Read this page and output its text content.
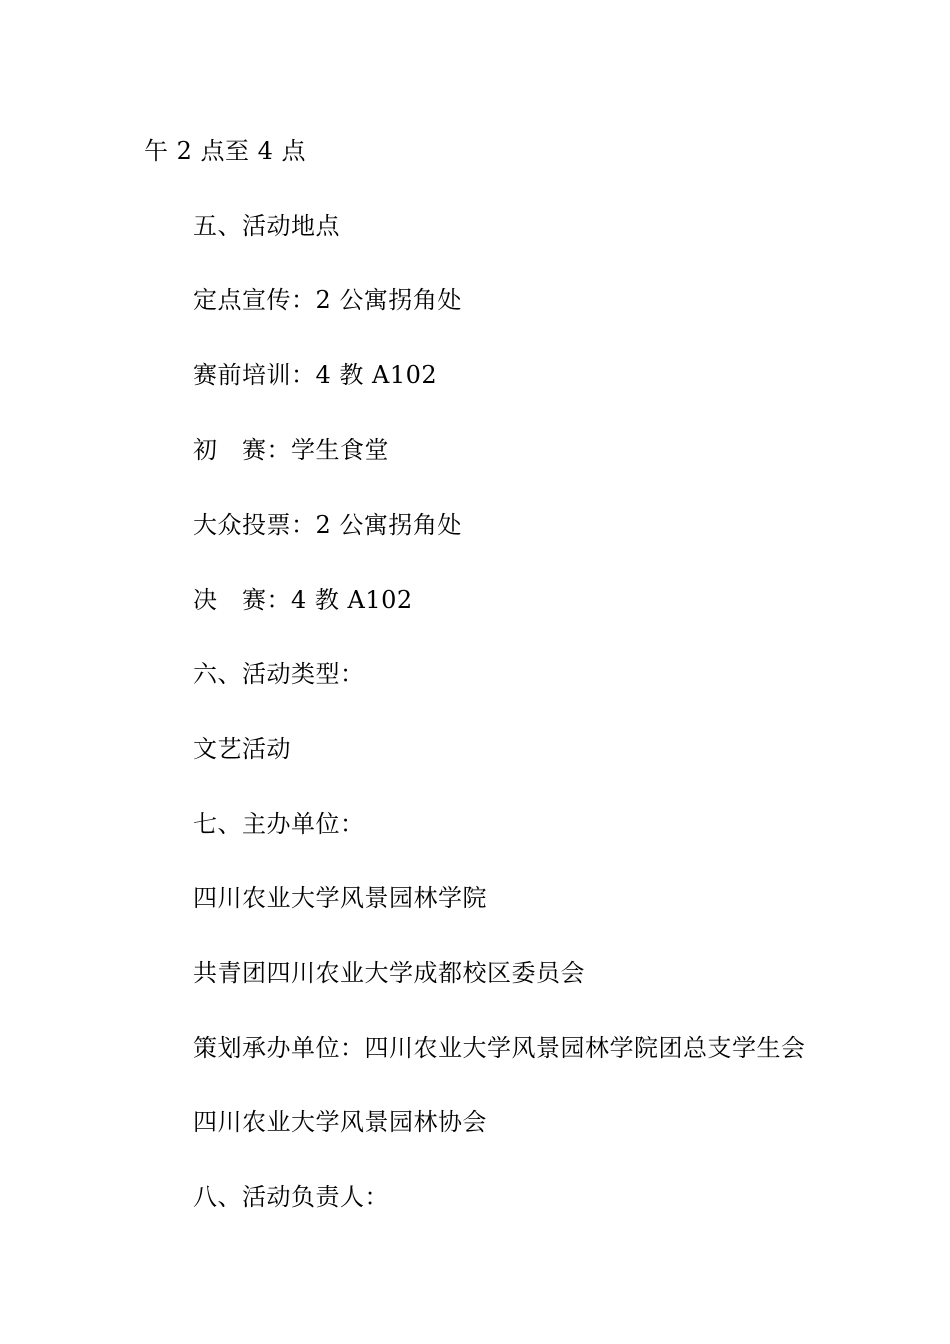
午 2 点至 4 点
五、活动地点
定点宣传：2 公寓拐角处
赛前培训：4 教 A102
初　赛：学生食堂
大众投票：2 公寓拐角处
决　赛：4 教 A102
六、活动类型：
文艺活动
七、主办单位：
四川农业大学风景园林学院
共青团四川农业大学成都校区委员会
策划承办单位：四川农业大学风景园林学院团总支学生会
四川农业大学风景园林协会
八、活动负责人：
